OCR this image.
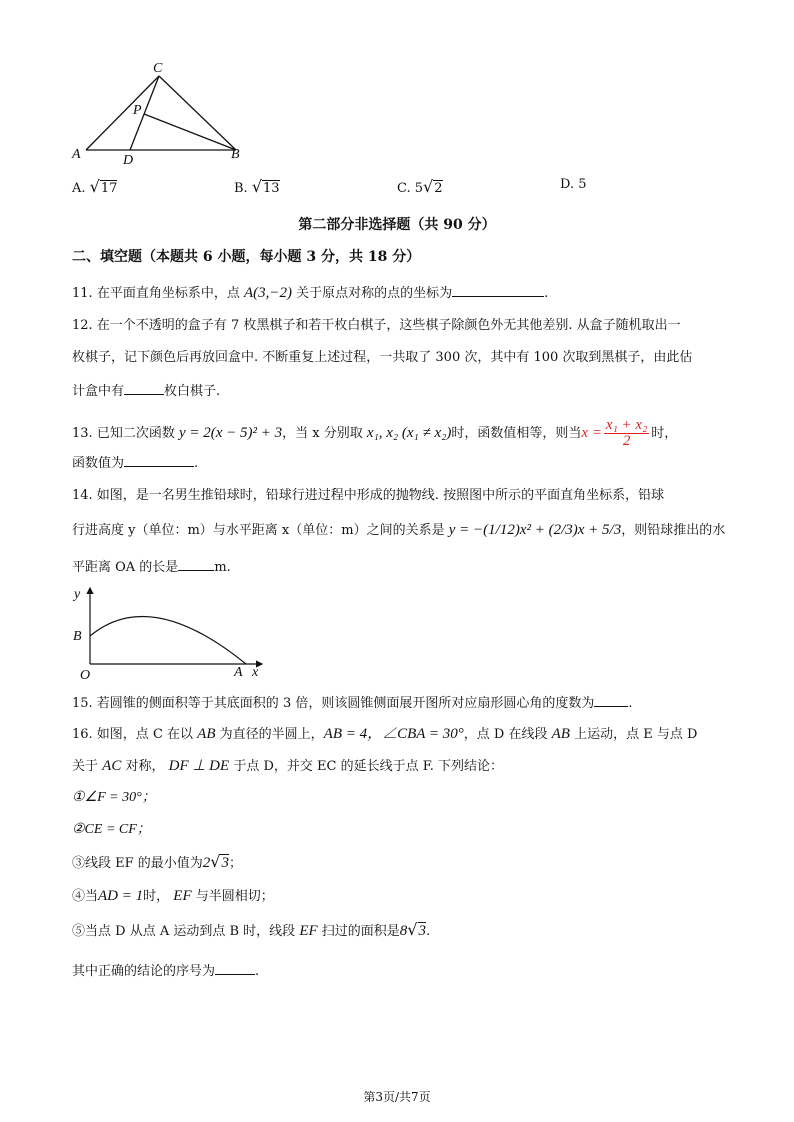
C
P
A	D	B
A. √17	B. √13	C. 5√2	D. 5
第二部分非选择题（共 90 分）
二、填空题（本题共 6 小题，每小题 3 分，共 18 分）
11. 在平面直角坐标系中，点 A(3,−2) 关于原点对称的点的坐标为	.
12. 在一个不透明的盒子有 7 枚黑棋子和若干枚白棋子，这些棋子除颜色外无其他差别. 从盒子随机取出一
枚棋子，记下颜色后再放回盒中. 不断重复上述过程，一共取了 300 次，其中有 100 次取到黑棋子，由此估
计盒中有	枚白棋子.
13. 已知二次函数 y = 2(x − 5)² + 3，当 x 分别取 x₁, x₂ (x₁ ≠ x₂)时，函数值相等，则当$x = \frac{\text{x₁ + x₂}}{2}$ 时，
函数值为	.
14. 如图，是一名男生推铅球时，铅球行进过程中形成的抛物线. 按照图中所示的平面直角坐标系，铅球
行进高度 y（单位：m）与水平距离 x（单位：m）之间的关系是 y = −(1/12)x² + (2/3)x + 5/3，则铅球推出的水
平距离 OA 的长是	m.
y
B
O	A x
15. 若圆锥的侧面积等于其底面积的 3 倍，则该圆锥侧面展开图所对应扇形圆心角的度数为	.
16. 如图，点 C 在以 AB 为直径的半圆上，AB = 4，∠CBA = 30°，点 D 在线段 AB 上运动，点 E 与点 D
关于 AC 对称， DF ⊥ DE 于点 D，并交 EC 的延长线于点 F. 下列结论：
①∠F = 30°；
②CE = CF；
③线段 EF 的最小值为2√3；
④当AD = 1时， EF 与半圆相切；
⑤当点 D 从点 A 运动到点 B 时，线段 EF 扫过的面积是8√3.
其中正确的结论的序号为	.
第3页/共7页
